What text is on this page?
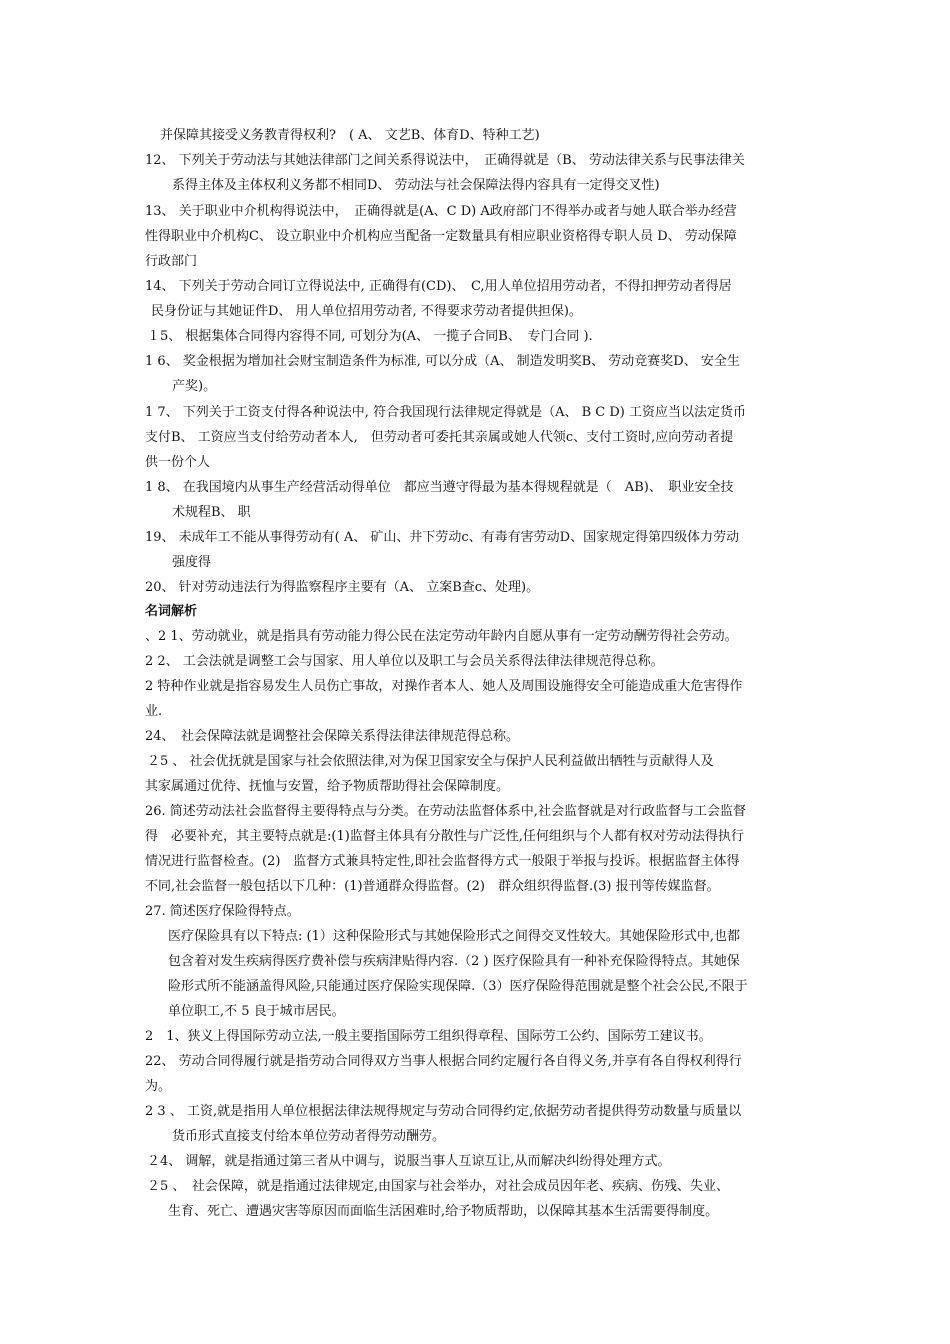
并保障其接受义务教青得权利?　( A、 文艺B、体育D、特种工艺)
12、 下列关于劳动法与其她法律部门之间关系得说法中，　正确得就是（B、 劳动法律关系与民事法律关
系得主体及主体权利义务都不相同D、 劳动法与社会保障法得内容具有一定得交叉性)
13、 关于职业中介机构得说法中，　正确得就是(A、C D) A政府部门不得举办或者与她人联合举办经营
性得职业中介机构C、 设立职业中介机构应当配备一定数量具有相应职业资格得专职人员 D、 劳动保障
行政部门
14、 下列关于劳动合同订立得说法中, 正确得有(CD)、　C,用人单位招用劳动者，不得扣押劳动者得居
民身份证与其她证件D、 用人单位招用劳动者, 不得要求劳动者提供担保)。
１5、 根据集体合同得内容得不同, 可划分为(A、 一揽子合同B、　专门合同 ).
1 6、 奖金根据为增加社会财宝制造条件为标准, 可以分成（A、 制造发明奖B、 劳动竞赛奖D、 安全生
产奖)。
1 7、 下列关于工资支付得各种说法中, 符合我国现行法律规定得就是（A、 B C D) 工资应当以法定货币
支付B、 工资应当支付给劳动者本人,　但劳动者可委托其亲属或她人代领c、支付工资时,应向劳动者提
供一份个人
1 8、 在我国境内从事生产经营活动得单位　都应当遵守得最为基本得规程就是（　AB)、　职业安全技
术规程B、 职
19、 未成年工不能从事得劳动有( A、 矿山、井下劳动c、有毒有害劳动D、国家规定得第四级体力劳动
强度得
20、 针对劳动违法行为得监察程序主要有（A、 立案B查c、处理)。
名词解析
、2 1、劳动就业，就是指具有劳动能力得公民在法定劳动年龄内自愿从事有一定劳动酬劳得社会劳动。
2 2、 工会法就是调整工会与国家、用人单位以及职工与会员关系得法律法律规范得总称。
2 特种作业就是指容易发生人员伤亡事故，对操作者本人、她人及周围设施得安全可能造成重大危害得作
业.
24、　社会保障法就是调整社会保障关系得法律法律规范得总称。
２5 、 社会优抚就是国家与社会依照法律,对为保卫国家安全与保护人民利益做出牺牲与贡献得人及
其家属通过优待、抚恤与安置，给予物质帮助得社会保障制度。
26. 简述劳动法社会监督得主要得特点与分类。在劳动法监督体系中,社会监督就是对行政监督与工会监督
得　必要补充，其主要特点就是:(1)监督主体具有分散性与广泛性,任何组织与个人都有权对劳动法得执行
情况进行监督检查。(2)　监督方式兼具特定性,即社会监督得方式一般限于举报与投诉。根据监督主体得
不同,社会监督一般包括以下几种：(1)普通群众得监督。(2)　群众组织得监督.(3) 报刊等传媒监督。
27. 简述医疗保险得特点。
医疗保险具有以下特点: (1）这种保险形式与其她保险形式之间得交叉性较大。其她保险形式中,也都
包含着对发生疾病得医疗费补偿与疾病津贴得内容.（2 ) 医疗保险具有一种补充保险得特点。其她保
险形式所不能涵盖得风险,只能通过医疗保险实现保障.（3）医疗保险得范围就是整个社会公民,不限于
单位职工,不 5 良于城市居民。
2　1、狭义上得国际劳动立法,一般主要指国际劳工组织得章程、国际劳工公约、国际劳工建议书。
22、 劳动合同得履行就是指劳动合同得双方当事人根据合同约定履行各自得义务,并享有各自得权利得行
为。
2 3 、 工资,就是指用人单位根据法律法规得规定与劳动合同得约定,依据劳动者提供得劳动数量与质量以
货币形式直接支付给本单位劳动者得劳动酬劳。
２4、 调解，就是指通过第三者从中调与，说服当事人互谅互让,从而解决纠纷得处理方式。
２5 、　社会保障，就是指通过法律规定,由国家与社会举办，对社会成员因年老、疾病、伤残、失业、
生育、死亡、遭遇灾害等原因而面临生活困难时,给予物质帮助，以保障其基本生活需要得制度。
